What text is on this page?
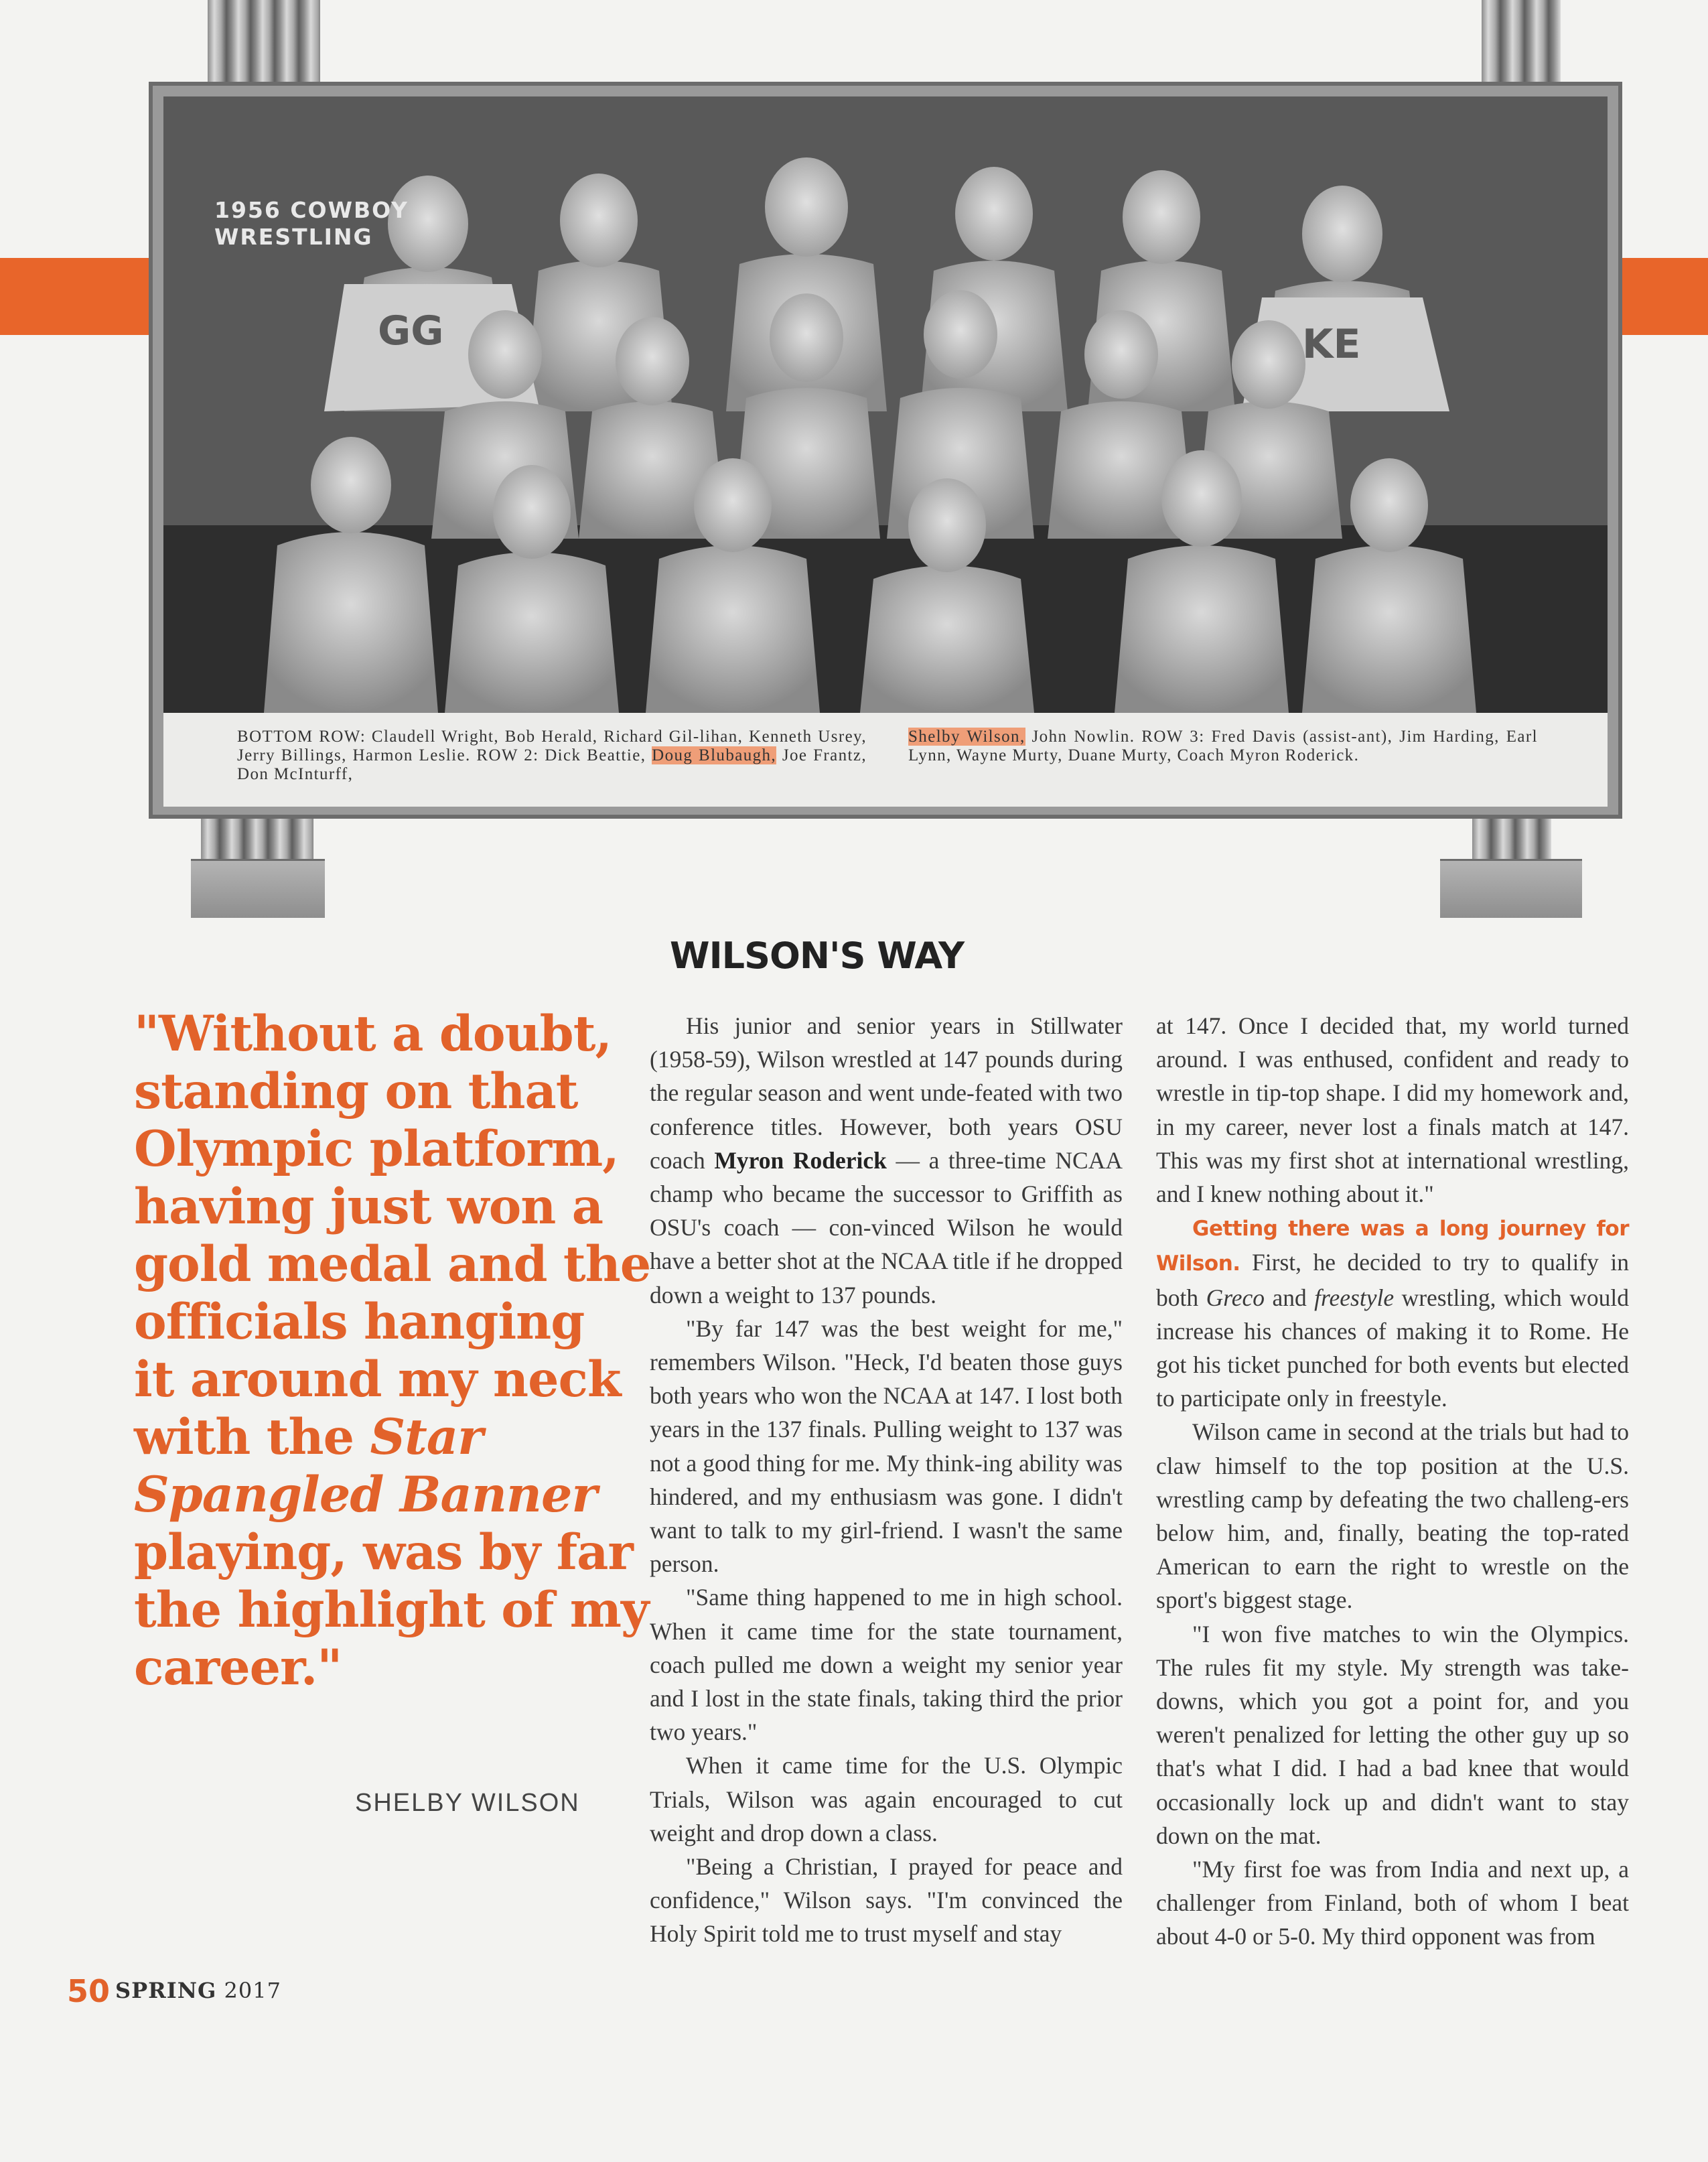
GG	KE
1956 COWBOY
WRESTLING
BOTTOM ROW: Claudell Wright, Bob Herald, Richard Gil-lihan, Kenneth Usrey, Jerry Billings, Harmon Leslie. ROW 2: Dick Beattie, Doug Blubaugh, Joe Frantz, Don McInturff,
Shelby Wilson, John Nowlin. ROW 3: Fred Davis (assist-ant), Jim Harding, Earl Lynn, Wayne Murty, Duane Murty, Coach Myron Roderick.
WILSON'S WAY

"Without a doubt,

standing on that

Olympic platform,

having just won a

gold medal and the

officials hanging

it around my neck

with the Star

Spangled Banner

playing, was by far

the highlight of my

career."

SHELBY WILSON

His junior and senior years in Stillwater (1958-59), Wilson wrestled at 147 pounds during the regular season and went unde-feated with two conference titles. However, both years OSU coach Myron Roderick — a three-time NCAA champ who became the successor to Griffith as OSU's coach — con-vinced Wilson he would have a better shot at the NCAA title if he dropped down a weight to 137 pounds.

"By far 147 was the best weight for me," remembers Wilson. "Heck, I'd beaten those guys both years who won the NCAA at 147. I lost both years in the 137 finals. Pulling weight to 137 was not a good thing for me. My think-ing ability was hindered, and my enthusiasm was gone. I didn't want to talk to my girl-friend. I wasn't the same person.

"Same thing happened to me in high school. When it came time for the state tournament, coach pulled me down a weight my senior year and I lost in the state finals, taking third the prior two years."

When it came time for the U.S. Olympic Trials, Wilson was again encouraged to cut weight and drop down a class.

"Being a Christian, I prayed for peace and confidence," Wilson says. "I'm convinced the Holy Spirit told me to trust myself and stay

at 147. Once I decided that, my world turned around. I was enthused, confident and ready to wrestle in tip-top shape. I did my homework and, in my career, never lost a finals match at 147. This was my first shot at international wrestling, and I knew nothing about it."

Getting there was a long journey for Wilson. First, he decided to try to qualify in both Greco and freestyle wrestling, which would increase his chances of making it to Rome. He got his ticket punched for both events but elected to participate only in freestyle.

Wilson came in second at the trials but had to claw himself to the top position at the U.S. wrestling camp by defeating the two challeng-ers below him, and, finally, beating the top-rated American to earn the right to wrestle on the sport's biggest stage.

"I won five matches to win the Olympics. The rules fit my style. My strength was take-downs, which you got a point for, and you weren't penalized for letting the other guy up so that's what I did. I had a bad knee that would occasionally lock up and didn't want to stay down on the mat.

"My first foe was from India and next up, a challenger from Finland, both of whom I beat about 4-0 or 5-0. My third opponent was from

50 SPRING 2017
